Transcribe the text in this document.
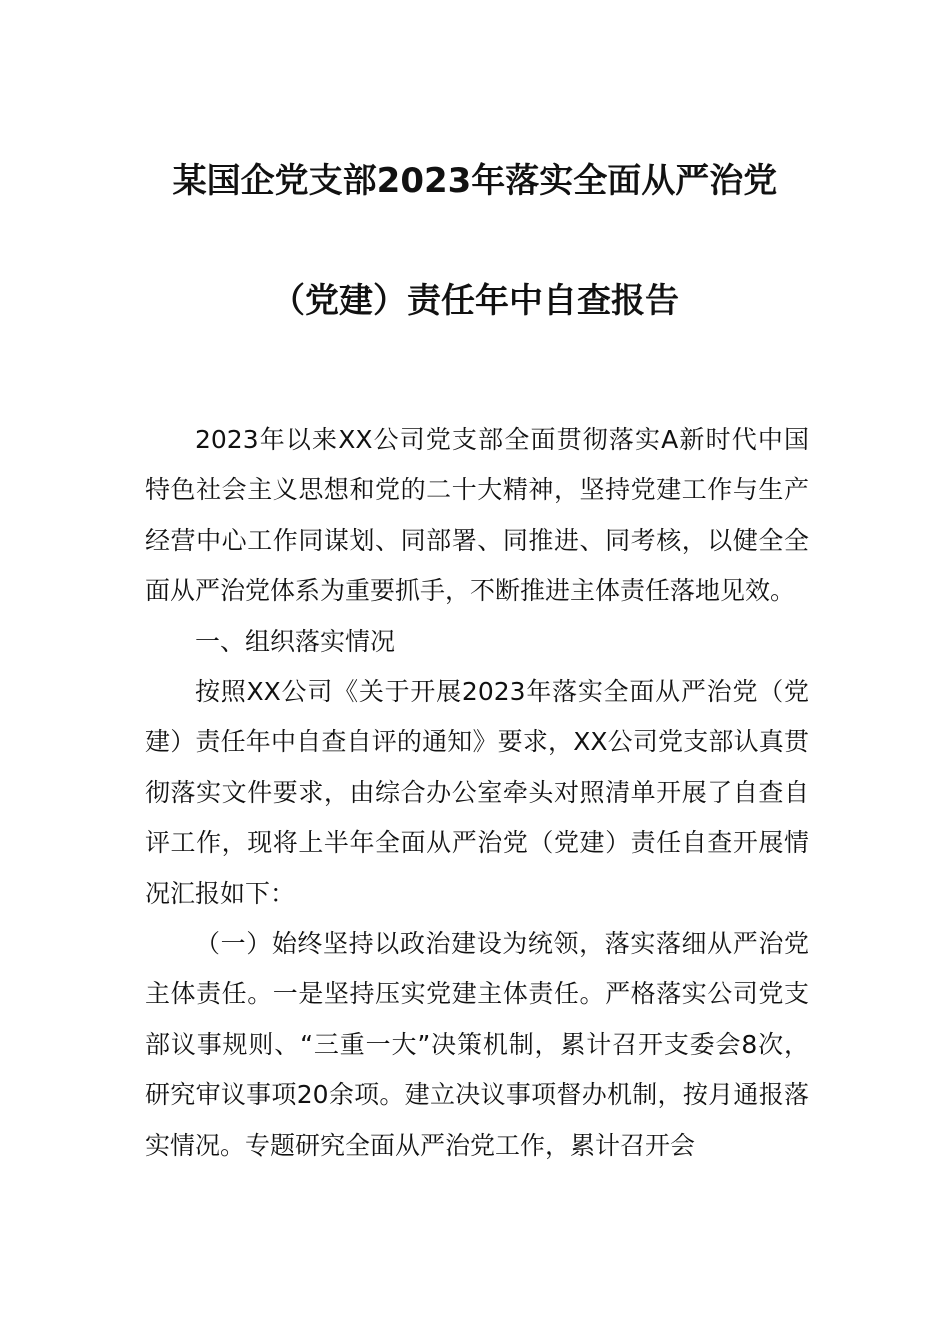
某国企党支部2023年落实全面从严治党
（党建）责任年中自查报告

2023年以来XX公司党支部全面贯彻落实A新时代中国特色社会主义思想和党的二十大精神，坚持党建工作与生产经营中心工作同谋划、同部署、同推进、同考核，以健全全面从严治党体系为重要抓手，不断推进主体责任落地见效。

一、组织落实情况

按照XX公司《关于开展2023年落实全面从严治党（党建）责任年中自查自评的通知》要求，XX公司党支部认真贯彻落实文件要求，由综合办公室牵头对照清单开展了自查自评工作，现将上半年全面从严治党（党建）责任自查开展情况汇报如下：

（一）始终坚持以政治建设为统领，落实落细从严治党主体责任。一是坚持压实党建主体责任。严格落实公司党支部议事规则、“三重一大”决策机制，累计召开支委会8次，研究审议事项20余项。建立决议事项督办机制，按月通报落实情况。专题研究全面从严治党工作，累计召开会
